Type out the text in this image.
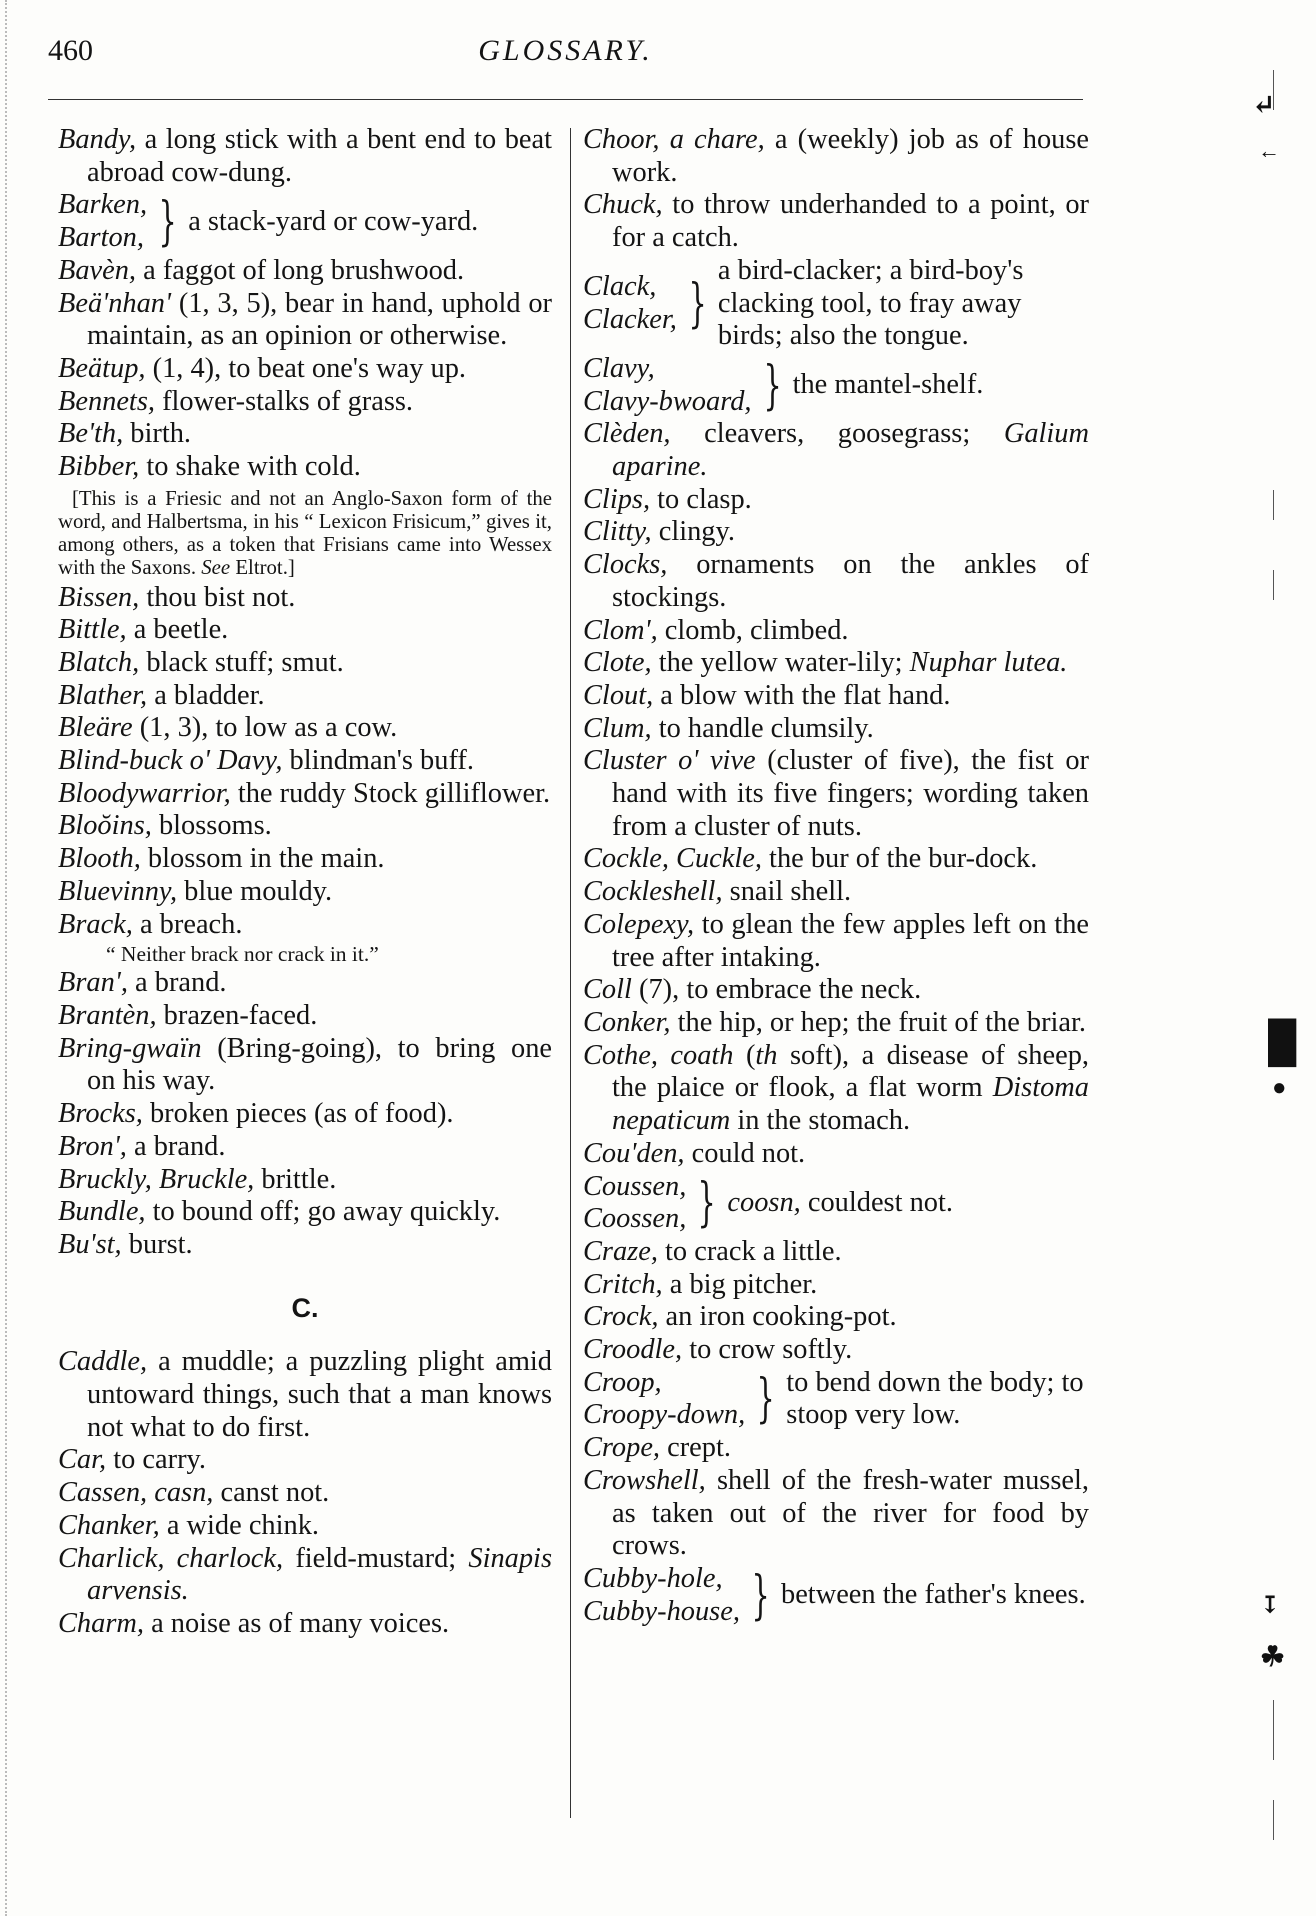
460	GLOSSARY.
Bandy, a long stick with a bent end to beat abroad cow-dung.
Barken,
Barton, } a stack-yard or cow-yard.
Bavèn, a faggot of long brushwood.
Beä'nhan' (1, 3, 5), bear in hand, uphold or maintain, as an opinion or otherwise.
Beätup, (1, 4), to beat one's way up.
Bennets, flower-stalks of grass.
Be'th, birth.
Bibber, to shake with cold.
[This is a Friesic and not an Anglo-Saxon form of the word, and Halbertsma, in his “ Lexicon Frisicum,” gives it, among others, as a token that Frisians came into Wessex with the Saxons. See Eltrot.]
Bissen, thou bist not.
Bittle, a beetle.
Blatch, black stuff; smut.
Blather, a bladder.
Bleäre (1, 3), to low as a cow.
Blind-buck o' Davy, blindman's buff.
Bloodywarrior, the ruddy Stock gilliflower.
Bloŏins, blossoms.
Blooth, blossom in the main.
Bluevinny, blue mouldy.
Brack, a breach.
“ Neither brack nor crack in it.”
Bran', a brand.
Brantèn, brazen-faced.
Bring-gwaïn (Bring-going), to bring one on his way.
Brocks, broken pieces (as of food).
Bron', a brand.
Bruckly, Bruckle, brittle.
Bundle, to bound off; go away quickly.
Bu'st, burst.
C.
Caddle, a muddle; a puzzling plight amid untoward things, such that a man knows not what to do first.
Car, to carry.
Cassen, casn, canst not.
Chanker, a wide chink.
Charlick, charlock, field-mustard; Sinapis arvensis.
Charm, a noise as of many voices.
Choor, a chare, a (weekly) job as of house work.
Chuck, to throw underhanded to a point, or for a catch.
Clack,
Clacker, }
a bird-clacker; a bird-boy's clacking tool, to fray away birds; also the tongue.
Clavy,
Clavy-bwoard, } the mantel-shelf.
Clèden, cleavers, goosegrass; Galium aparine.
Clips, to clasp.
Clitty, clingy.
Clocks, ornaments on the ankles of stockings.
Clom', clomb, climbed.
Clote, the yellow water-lily; Nuphar lutea.
Clout, a blow with the flat hand.
Clum, to handle clumsily.
Cluster o' vive (cluster of five), the fist or hand with its five fingers; wording taken from a cluster of nuts.
Cockle, Cuckle, the bur of the bur-dock.
Cockleshell, snail shell.
Colepexy, to glean the few apples left on the tree after intaking.
Coll (7), to embrace the neck.
Conker, the hip, or hep; the fruit of the briar.
Cothe, coath (th soft), a disease of sheep, the plaice or flook, a flat worm Distoma nepaticum in the stomach.
Cou'den, could not.
Coussen,
Coossen, } coosn, couldest not.
Craze, to crack a little.
Critch, a big pitcher.
Crock, an iron cooking-pot.
Croodle, to crow softly.
Croop,
Croopy-down, } to bend down the body; to stoop very low.
Crope, crept.
Crowshell, shell of the fresh-water mussel, as taken out of the river for food by crows.
Cubby-hole,
Cubby-house, } between the father's knees.
↵
←
█
●
↧
☘
